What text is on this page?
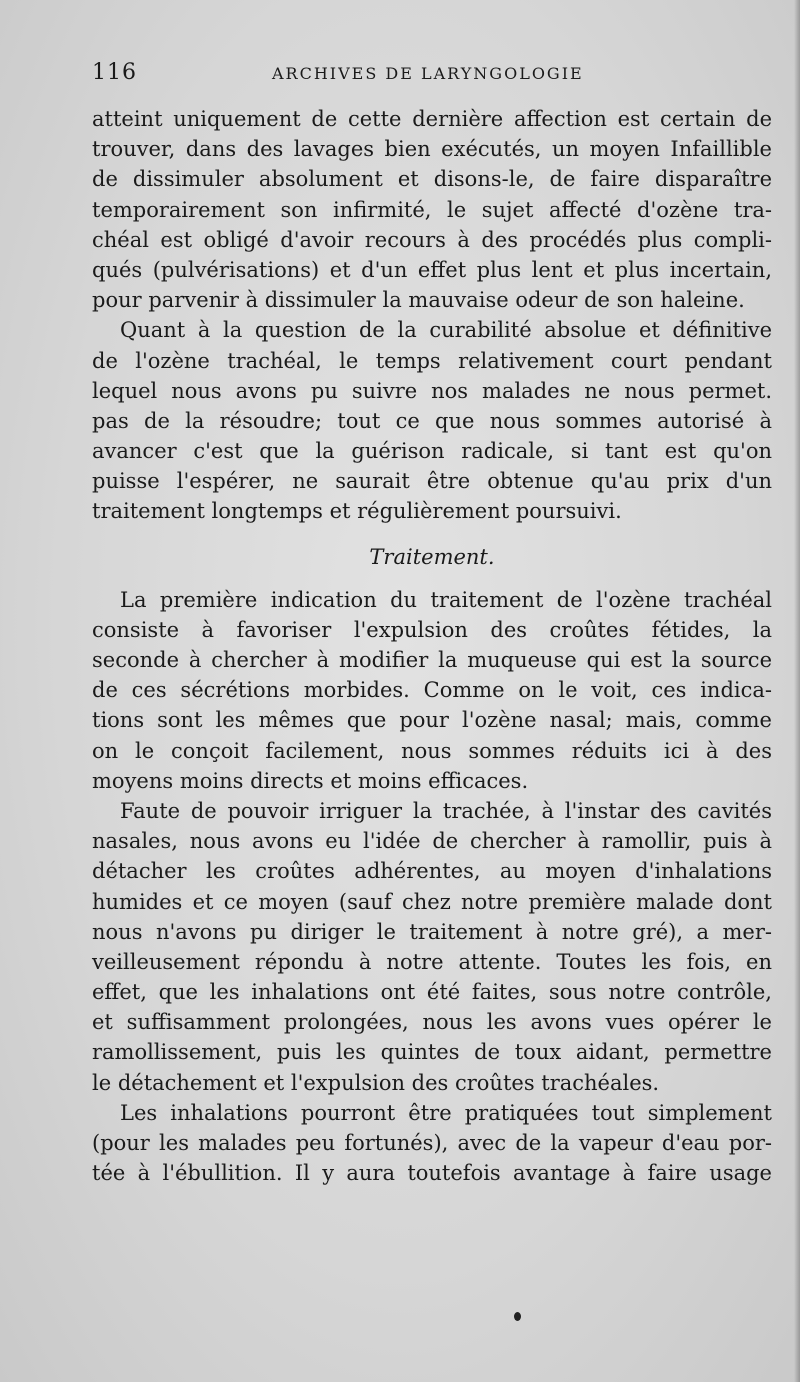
116	ARCHIVES DE LARYNGOLOGIE
atteint uniquement de cette dernière affection est certain de
trouver, dans des lavages bien exécutés, un moyen Infaillible
de dissimuler absolument et disons-le, de faire disparaître
temporairement son infirmité, le sujet affecté d'ozène tra-
chéal est obligé d'avoir recours à des procédés plus compli-
qués (pulvérisations) et d'un effet plus lent et plus incertain,
pour parvenir à dissimuler la mauvaise odeur de son haleine.
Quant à la question de la curabilité absolue et définitive
de l'ozène trachéal, le temps relativement court pendant
lequel nous avons pu suivre nos malades ne nous permet.
pas de la résoudre; tout ce que nous sommes autorisé à
avancer c'est que la guérison radicale, si tant est qu'on
puisse l'espérer, ne saurait être obtenue qu'au prix d'un
traitement longtemps et régulièrement poursuivi.
Traitement.
La première indication du traitement de l'ozène trachéal
consiste à favoriser l'expulsion des croûtes fétides, la
seconde à chercher à modifier la muqueuse qui est la source
de ces sécrétions morbides. Comme on le voit, ces indica-
tions sont les mêmes que pour l'ozène nasal; mais, comme
on le conçoit facilement, nous sommes réduits ici à des
moyens moins directs et moins efficaces.
Faute de pouvoir irriguer la trachée, à l'instar des cavités
nasales, nous avons eu l'idée de chercher à ramollir, puis à
détacher les croûtes adhérentes, au moyen d'inhalations
humides et ce moyen (sauf chez notre première malade dont
nous n'avons pu diriger le traitement à notre gré), a mer-
veilleusement répondu à notre attente. Toutes les fois, en
effet, que les inhalations ont été faites, sous notre contrôle,
et suffisamment prolongées, nous les avons vues opérer le
ramollissement, puis les quintes de toux aidant, permettre
le détachement et l'expulsion des croûtes trachéales.
Les inhalations pourront être pratiquées tout simplement
(pour les malades peu fortunés), avec de la vapeur d'eau por-
tée à l'ébullition. Il y aura toutefois avantage à faire usage
